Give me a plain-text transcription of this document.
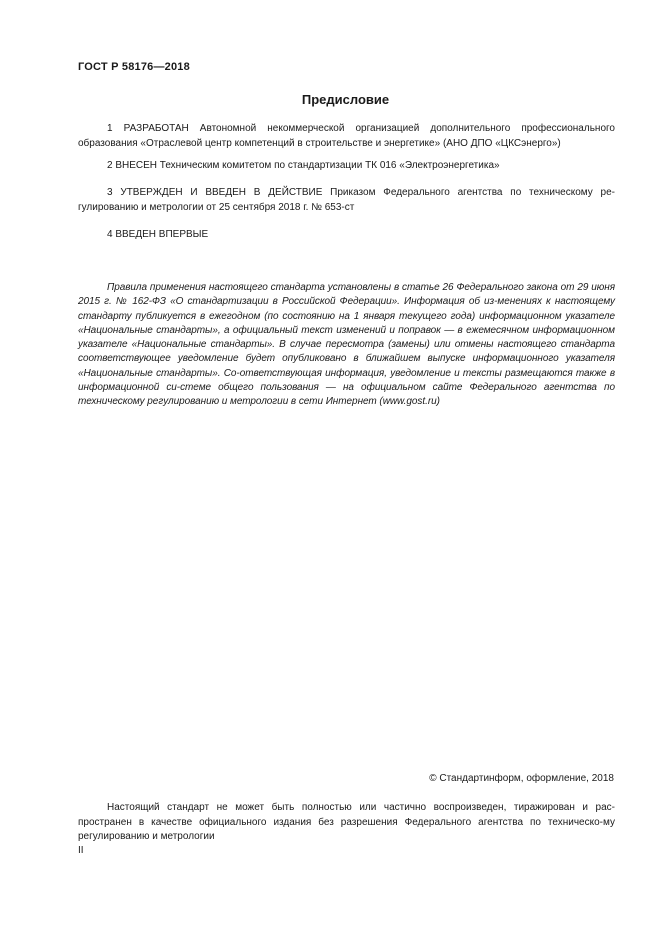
ГОСТ Р 58176—2018
Предисловие
1 РАЗРАБОТАН Автономной некоммерческой организацией дополнительного профессионального образования «Отраслевой центр компетенций в строительстве и энергетике» (АНО ДПО «ЦКСэнерго»)
2 ВНЕСЕН Техническим комитетом по стандартизации ТК 016 «Электроэнергетика»
3 УТВЕРЖДЕН И ВВЕДЕН В ДЕЙСТВИЕ Приказом Федерального агентства по техническому ре-гулированию и метрологии от 25 сентября 2018 г. № 653-ст
4 ВВЕДЕН ВПЕРВЫЕ
Правила применения настоящего стандарта установлены в статье 26 Федерального закона от 29 июня 2015 г. № 162-ФЗ «О стандартизации в Российской Федерации». Информация об из-менениях к настоящему стандарту публикуется в ежегодном (по состоянию на 1 января текущего года) информационном указателе «Национальные стандарты», а официальный текст изменений и поправок — в ежемесячном информационном указателе «Национальные стандарты». В случае пересмотра (замены) или отмены настоящего стандарта соответствующее уведомление будет опубликовано в ближайшем выпуске информационного указателя «Национальные стандарты». Со-ответствующая информация, уведомление и тексты размещаются также в информационной си-стеме общего пользования — на официальном сайте Федерального агентства по техническому регулированию и метрологии в сети Интернет (www.gost.ru)
© Стандартинформ, оформление, 2018
Настоящий стандарт не может быть полностью или частично воспроизведен, тиражирован и рас-пространен в качестве официального издания без разрешения Федерального агентства по техническо-му регулированию и метрологии
II
